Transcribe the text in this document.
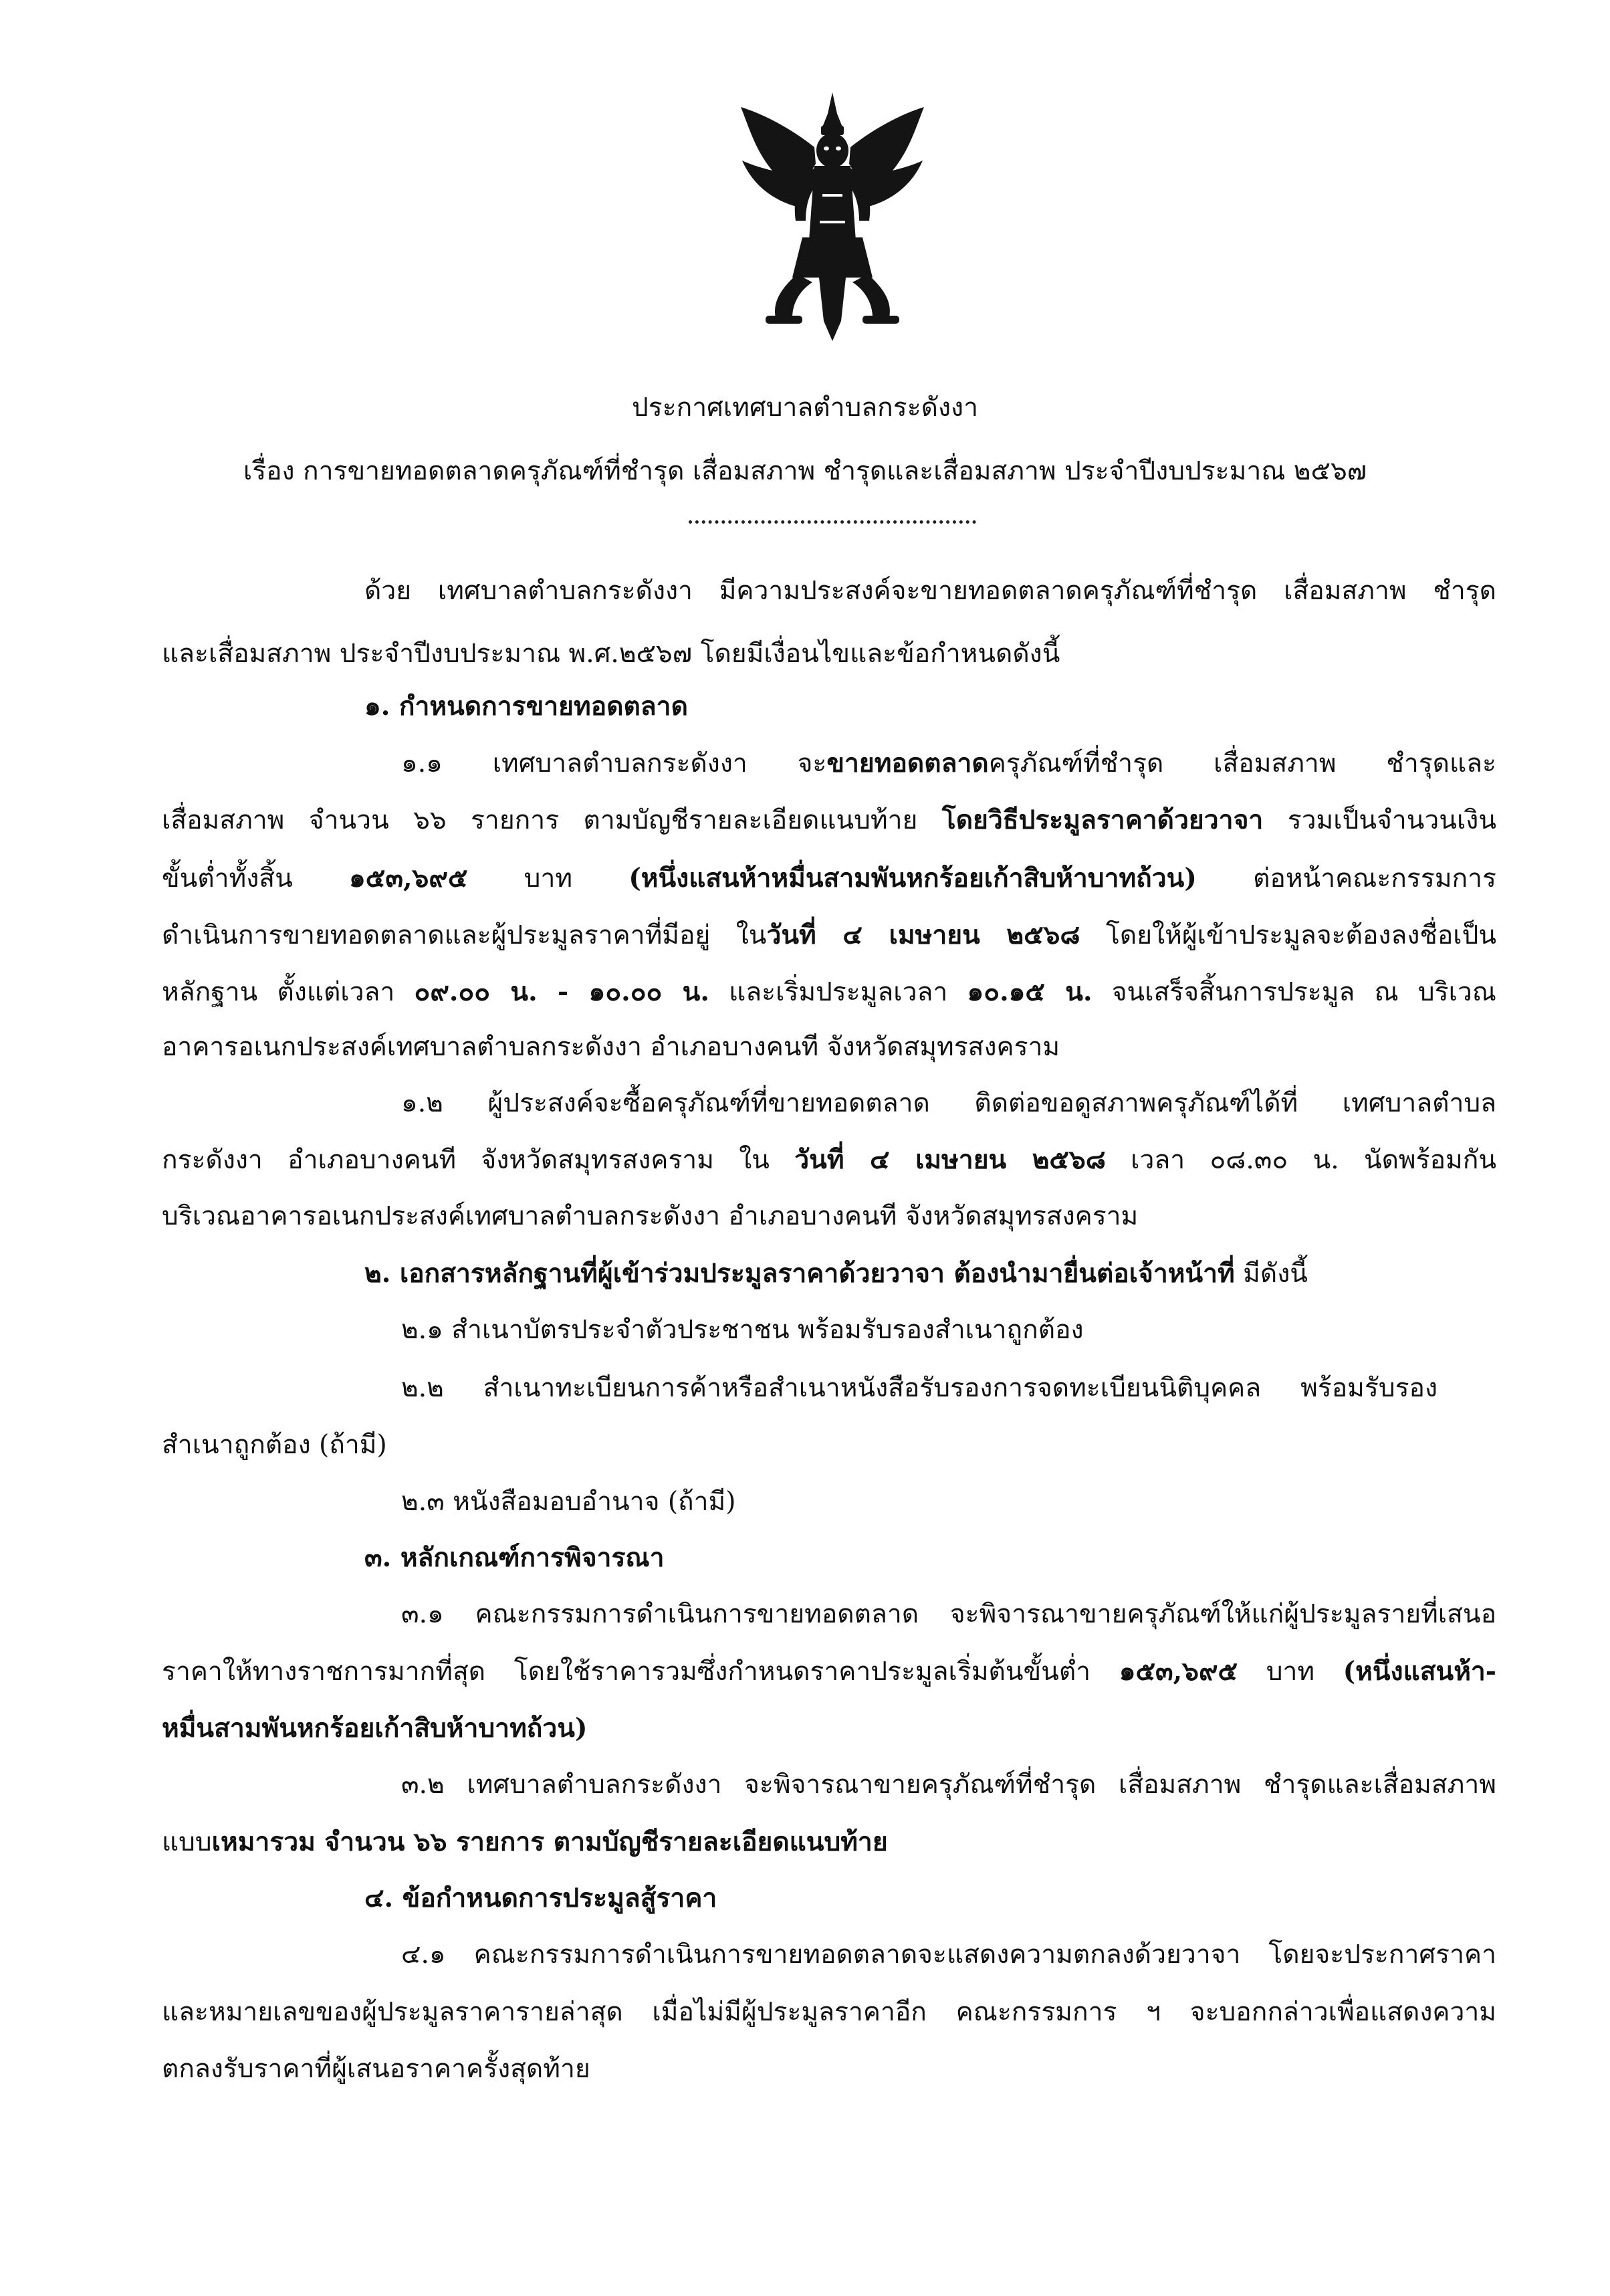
ประกาศเทศบาลตำบลกระดังงา
เรื่อง การขายทอดตลาดครุภัณฑ์ที่ชำรุด เสื่อมสภาพ ชำรุดและเสื่อมสภาพ ประจำปีงบประมาณ ๒๕๖๗
ด้วย เทศบาลตำบลกระดังงา มีความประสงค์จะขายทอดตลาดครุภัณฑ์ที่ชำรุด เสื่อมสภาพ ชำรุด
และเสื่อมสภาพ ประจำปีงบประมาณ พ.ศ.๒๕๖๗ โดยมีเงื่อนไขและข้อกำหนดดังนี้
๑. กำหนดการขายทอดตลาด
๑.๑ เทศบาลตำบลกระดังงา จะขายทอดตลาดครุภัณฑ์ที่ชำรุด เสื่อมสภาพ ชำรุดและ
เสื่อมสภาพ จำนวน ๖๖ รายการ ตามบัญชีรายละเอียดแนบท้าย โดยวิธีประมูลราคาด้วยวาจา รวมเป็นจำนวนเงิน
ขั้นต่ำทั้งสิ้น ๑๕๓,๖๙๕ บาท (หนึ่งแสนห้าหมื่นสามพันหกร้อยเก้าสิบห้าบาทถ้วน) ต่อหน้าคณะกรรมการ
ดำเนินการขายทอดตลาดและผู้ประมูลราคาที่มีอยู่ ในวันที่ ๔ เมษายน ๒๕๖๘ โดยให้ผู้เข้าประมูลจะต้องลงชื่อเป็น
หลักฐาน ตั้งแต่เวลา ๐๙.๐๐ น. - ๑๐.๐๐ น. และเริ่มประมูลเวลา ๑๐.๑๕ น. จนเสร็จสิ้นการประมูล ณ บริเวณ
อาคารอเนกประสงค์เทศบาลตำบลกระดังงา อำเภอบางคนที จังหวัดสมุทรสงคราม
๑.๒ ผู้ประสงค์จะซื้อครุภัณฑ์ที่ขายทอดตลาด ติดต่อขอดูสภาพครุภัณฑ์ได้ที่ เทศบาลตำบล
กระดังงา อำเภอบางคนที จังหวัดสมุทรสงคราม ใน วันที่ ๔ เมษายน ๒๕๖๘ เวลา ๐๘.๓๐ น. นัดพร้อมกัน
บริเวณอาคารอเนกประสงค์เทศบาลตำบลกระดังงา อำเภอบางคนที จังหวัดสมุทรสงคราม
๒. เอกสารหลักฐานที่ผู้เข้าร่วมประมูลราคาด้วยวาจา ต้องนำมายื่นต่อเจ้าหน้าที่ มีดังนี้
๒.๑ สำเนาบัตรประจำตัวประชาชน พร้อมรับรองสำเนาถูกต้อง
๒.๒ สำเนาทะเบียนการค้าหรือสำเนาหนังสือรับรองการจดทะเบียนนิติบุคคล พร้อมรับรอง
สำเนาถูกต้อง (ถ้ามี)
๒.๓ หนังสือมอบอำนาจ (ถ้ามี)
๓. หลักเกณฑ์การพิจารณา
๓.๑ คณะกรรมการดำเนินการขายทอดตลาด จะพิจารณาขายครุภัณฑ์ให้แก่ผู้ประมูลรายที่เสนอ
ราคาให้ทางราชการมากที่สุด โดยใช้ราคารวมซึ่งกำหนดราคาประมูลเริ่มต้นขั้นต่ำ ๑๕๓,๖๙๕ บาท (หนึ่งแสนห้า-
หมื่นสามพันหกร้อยเก้าสิบห้าบาทถ้วน)
๓.๒ เทศบาลตำบลกระดังงา จะพิจารณาขายครุภัณฑ์ที่ชำรุด เสื่อมสภาพ ชำรุดและเสื่อมสภาพ
แบบเหมารวม จำนวน ๖๖ รายการ ตามบัญชีรายละเอียดแนบท้าย
๔. ข้อกำหนดการประมูลสู้ราคา
๔.๑ คณะกรรมการดำเนินการขายทอดตลาดจะแสดงความตกลงด้วยวาจา โดยจะประกาศราคา
และหมายเลขของผู้ประมูลราคารายล่าสุด เมื่อไม่มีผู้ประมูลราคาอีก คณะกรรมการ ฯ จะบอกกล่าวเพื่อแสดงความ
ตกลงรับราคาที่ผู้เสนอราคาครั้งสุดท้าย
